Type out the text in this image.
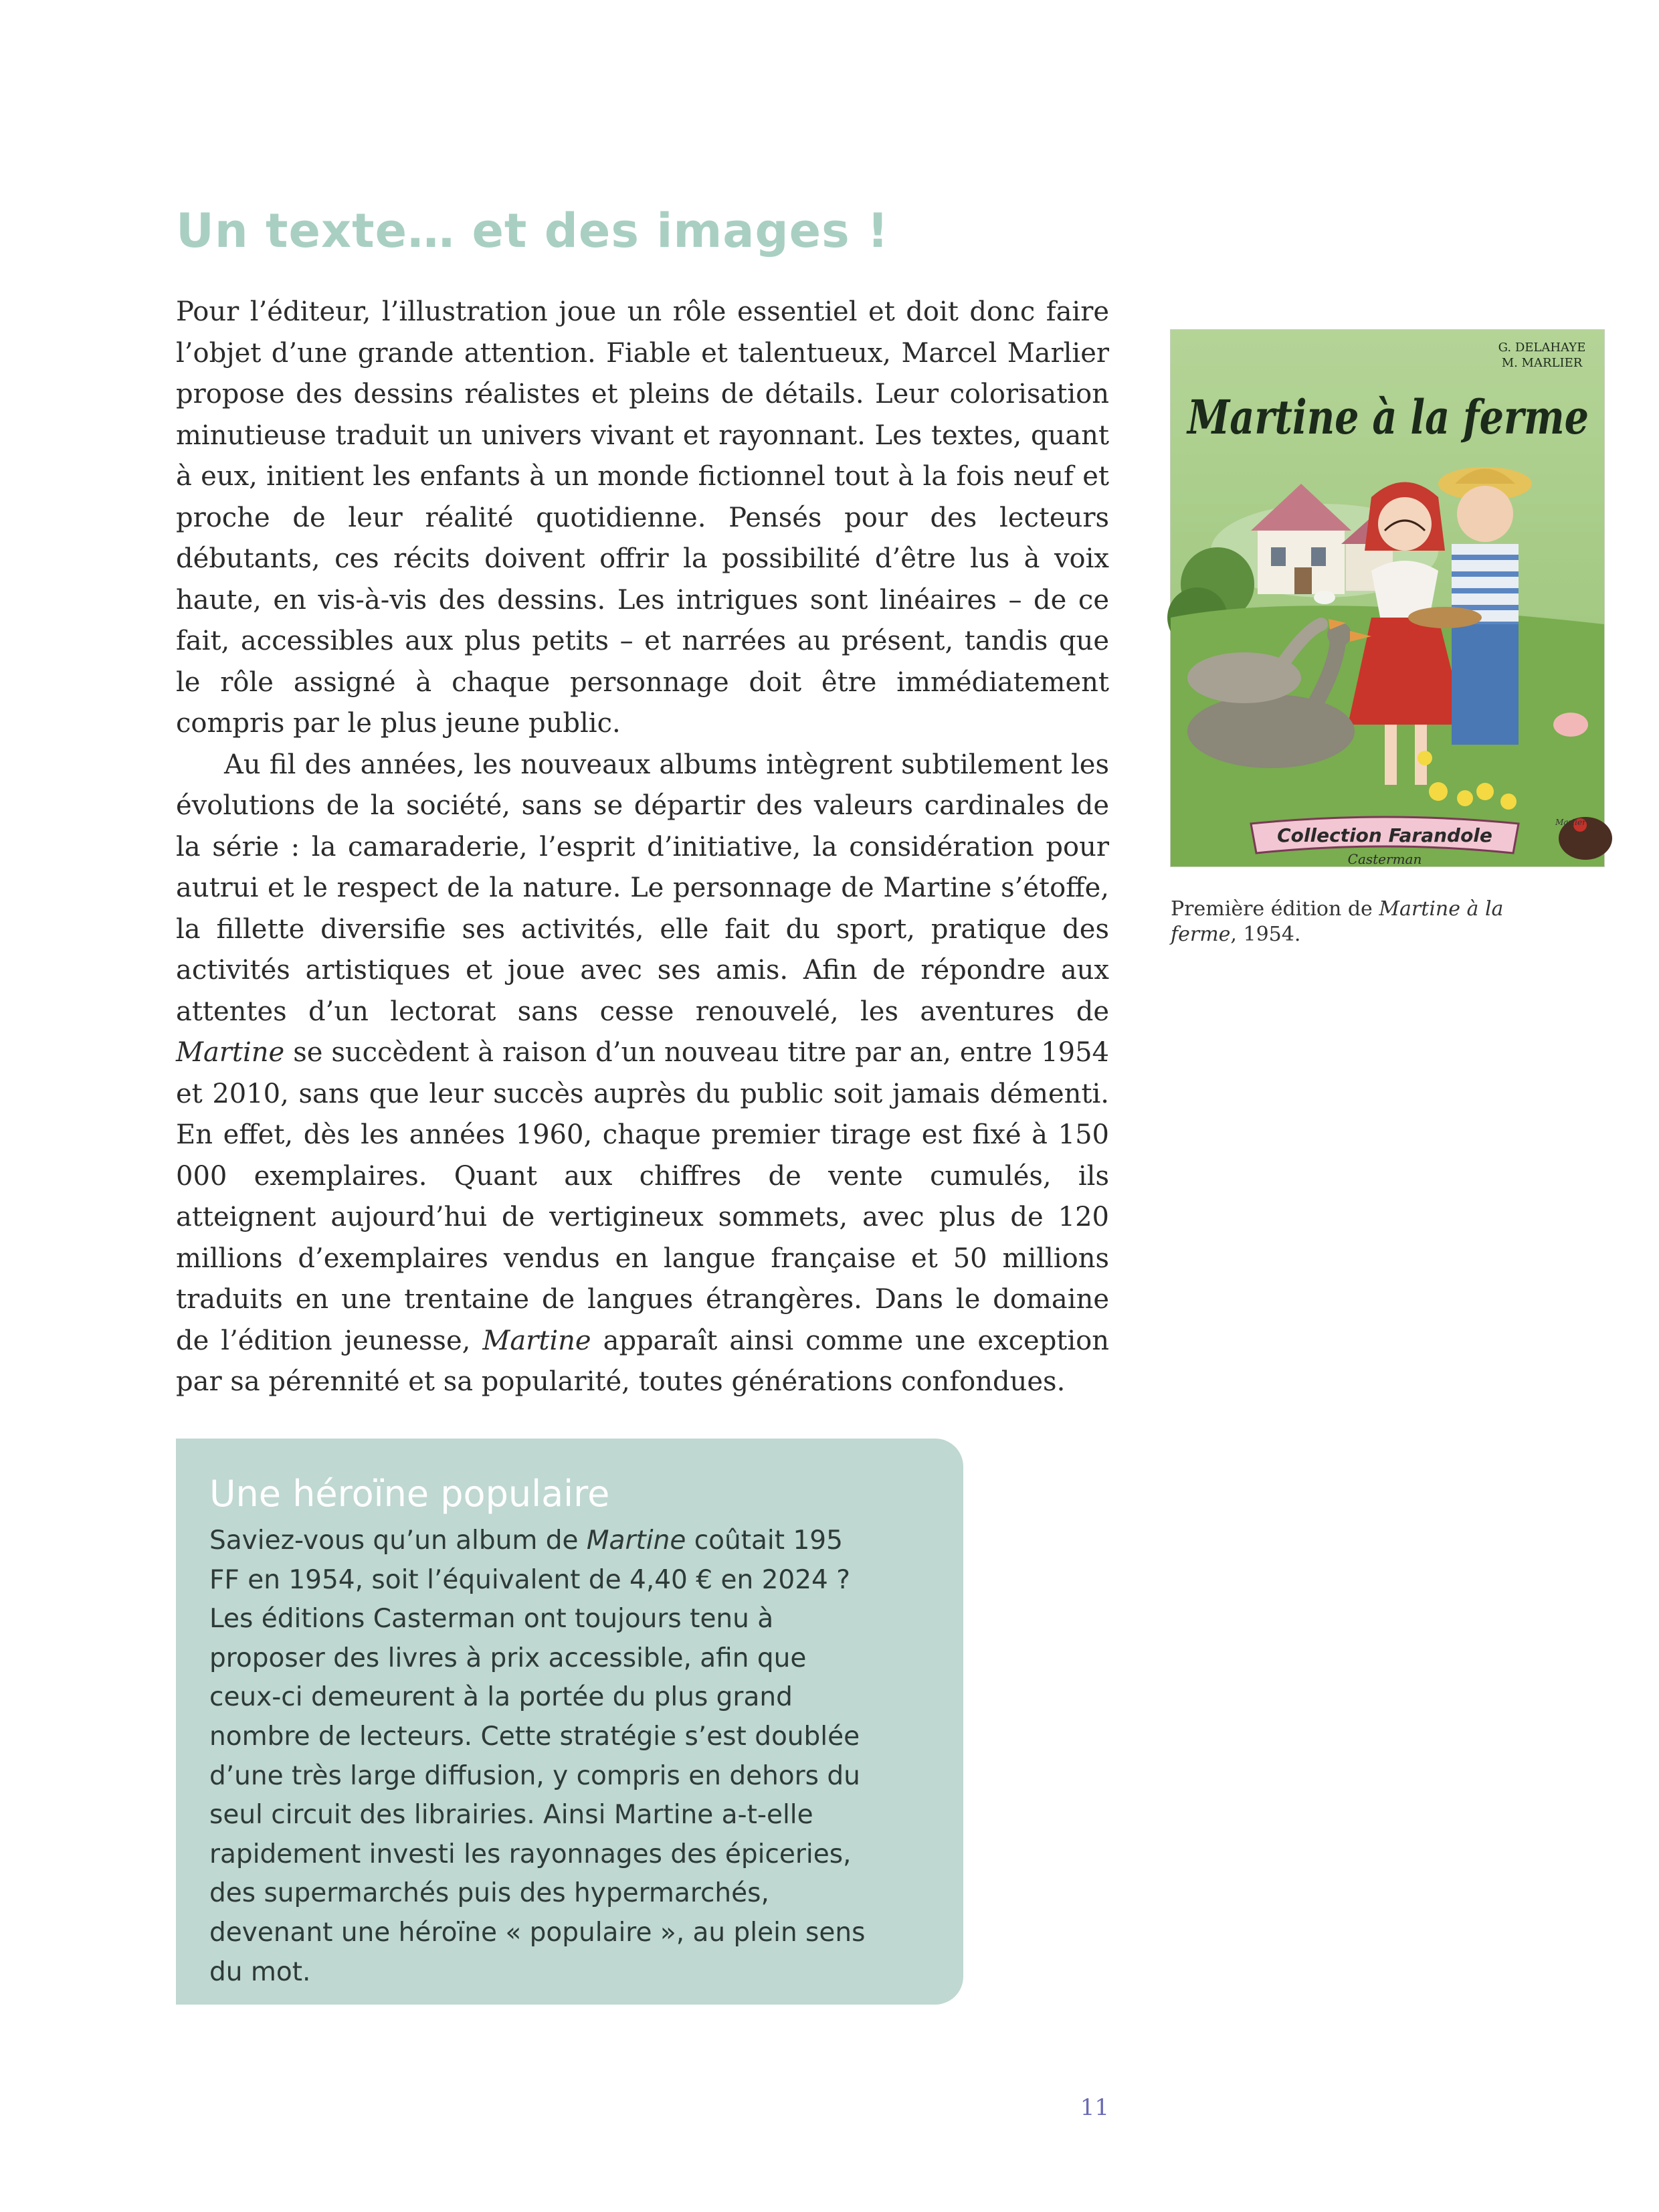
Un texte… et des images !

Pour l’éditeur, l’illustration joue un rôle essentiel et doit donc faire l’objet d’une grande attention. Fiable et talentueux, Marcel Marlier propose des dessins réalistes et pleins de détails. Leur colorisation minutieuse traduit un univers vivant et rayonnant. Les textes, quant à eux, initient les enfants à un monde fictionnel tout à la fois neuf et proche de leur réalité quotidienne. Pensés pour des lecteurs débutants, ces récits doivent offrir la possibilité d’être lus à voix haute, en vis-à-vis des dessins. Les intrigues sont linéaires – de ce fait, accessibles aux plus petits – et narrées au présent, tandis que le rôle assigné à chaque personnage doit être immédiatement compris par le plus jeune public.

Au fil des années, les nouveaux albums intègrent subtilement les évolutions de la société, sans se départir des valeurs cardinales de la série : la camaraderie, l’esprit d’initiative, la considération pour autrui et le respect de la nature. Le personnage de Martine s’étoffe, la fillette diversifie ses activités, elle fait du sport, pratique des activités artistiques et joue avec ses amis. Afin de répondre aux attentes d’un lectorat sans cesse renouvelé, les aventures de Martine se succèdent à raison d’un nouveau titre par an, entre 1954 et 2010, sans que leur succès auprès du public soit jamais démenti. En effet, dès les années 1960, chaque premier tirage est fixé à 150 000 exemplaires. Quant aux chiffres de vente cumulés, ils atteignent aujourd’hui de vertigineux sommets, avec plus de 120 millions d’exemplaires vendus en langue française et 50 millions traduits en une trentaine de langues étrangères. Dans le domaine de l’édition jeunesse, Martine apparaît ainsi comme une exception par sa pérennité et sa popularité, toutes générations confondues.

G. DELAHAYE
M. MARLIER
Martine à la ferme
Marlier
Collection Farandole
Casterman
Première édition de Martine à la ferme, 1954.
Une héroïne populaire

Saviez-vous qu’un album de Martine coûtait 195 FF en 1954, soit l’équivalent de 4,40 € en 2024 ? Les éditions Casterman ont toujours tenu à proposer des livres à prix accessible, afin que ceux-ci demeurent à la portée du plus grand nombre de lecteurs. Cette stratégie s’est doublée d’une très large diffusion, y compris en dehors du seul circuit des librairies. Ainsi Martine a-t-elle rapidement investi les rayonnages des épiceries, des supermarchés puis des hypermarchés, devenant une héroïne « populaire », au plein sens du mot.

11
